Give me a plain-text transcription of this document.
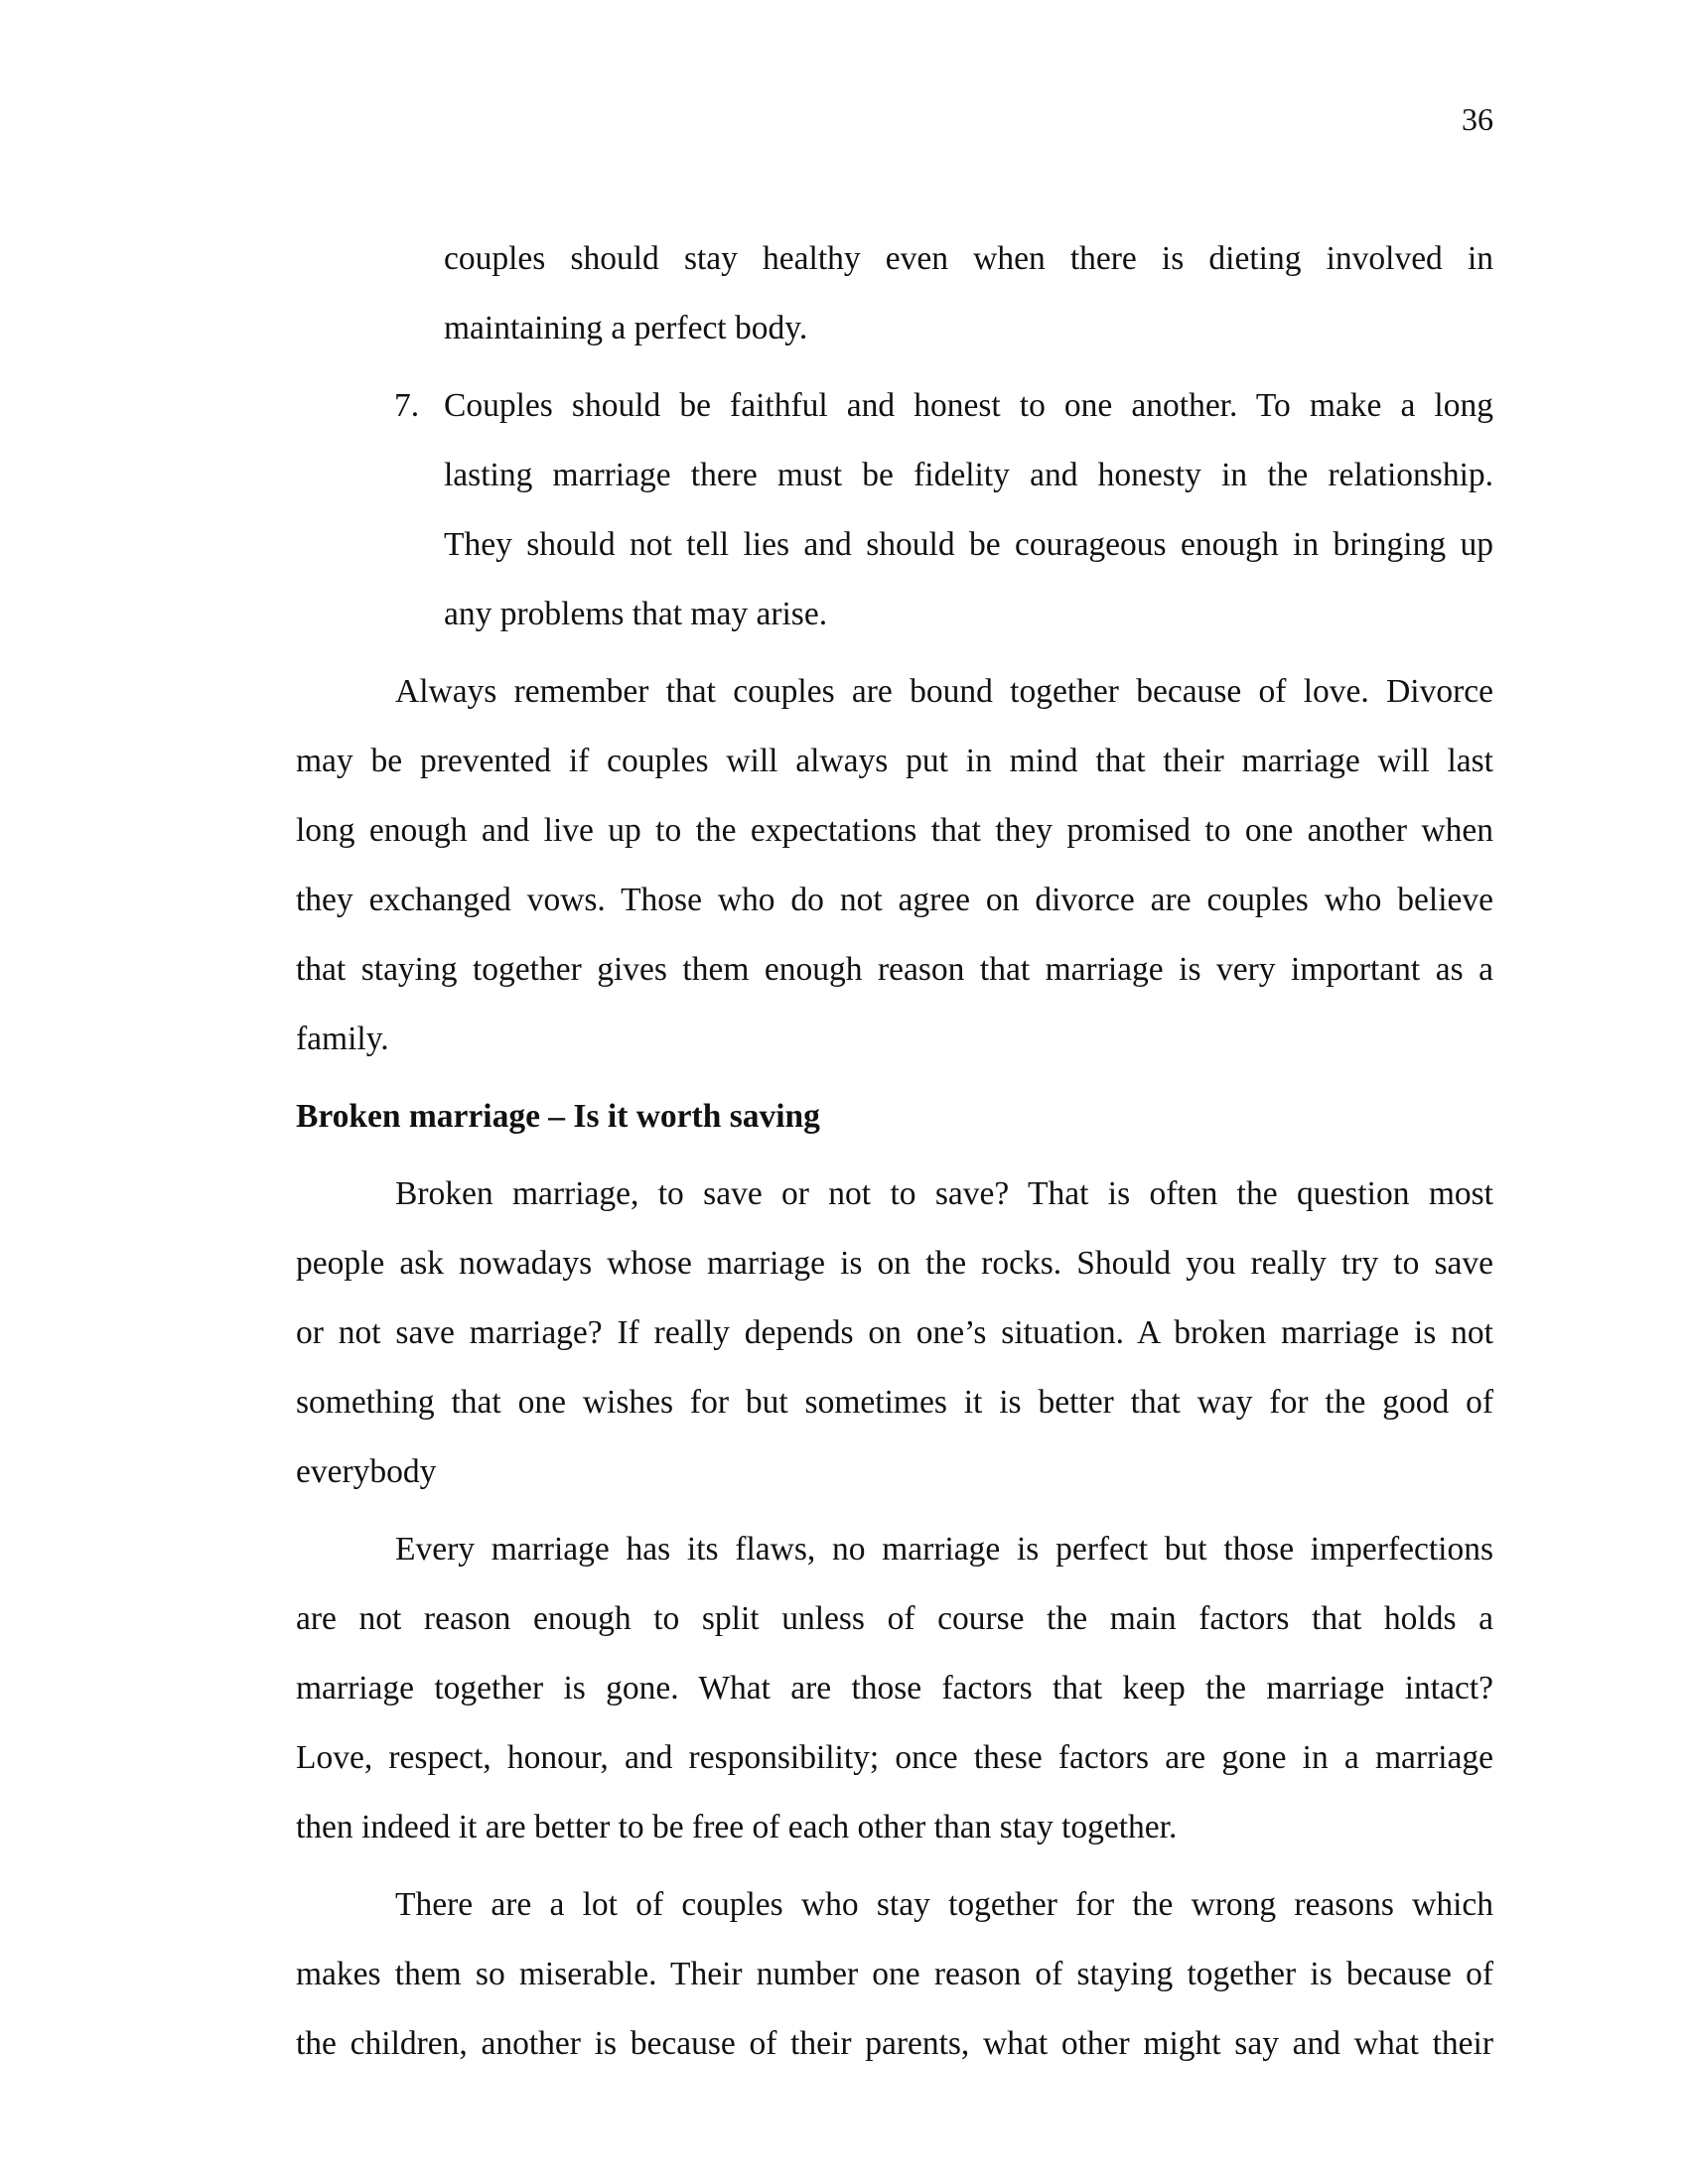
36
couples should stay healthy even when there is dieting involved in
maintaining a perfect body.
7. Couples should be faithful and honest to one another. To make a long
lasting marriage there must be fidelity and honesty in the relationship.
They should not tell lies and should be courageous enough in bringing up
any problems that may arise.
Always remember that couples are bound together because of love. Divorce
may be prevented if couples will always put in mind that their marriage will last
long enough and live up to the expectations that they promised to one another when
they exchanged vows. Those who do not agree on divorce are couples who believe
that staying together gives them enough reason that marriage is very important as a
family.
Broken marriage – Is it worth saving
Broken marriage, to save or not to save? That is often the question most
people ask nowadays whose marriage is on the rocks. Should you really try to save
or not save marriage? If really depends on one’s situation. A broken marriage is not
something that one wishes for but sometimes it is better that way for the good of
everybody
Every marriage has its flaws, no marriage is perfect but those imperfections
are not reason enough to split unless of course the main factors that holds a
marriage together is gone. What are those factors that keep the marriage intact?
Love, respect, honour, and responsibility; once these factors are gone in a marriage
then indeed it are better to be free of each other than stay together.
There are a lot of couples who stay together for the wrong reasons which
makes them so miserable. Their number one reason of staying together is because of
the children, another is because of their parents, what other might say and what their
